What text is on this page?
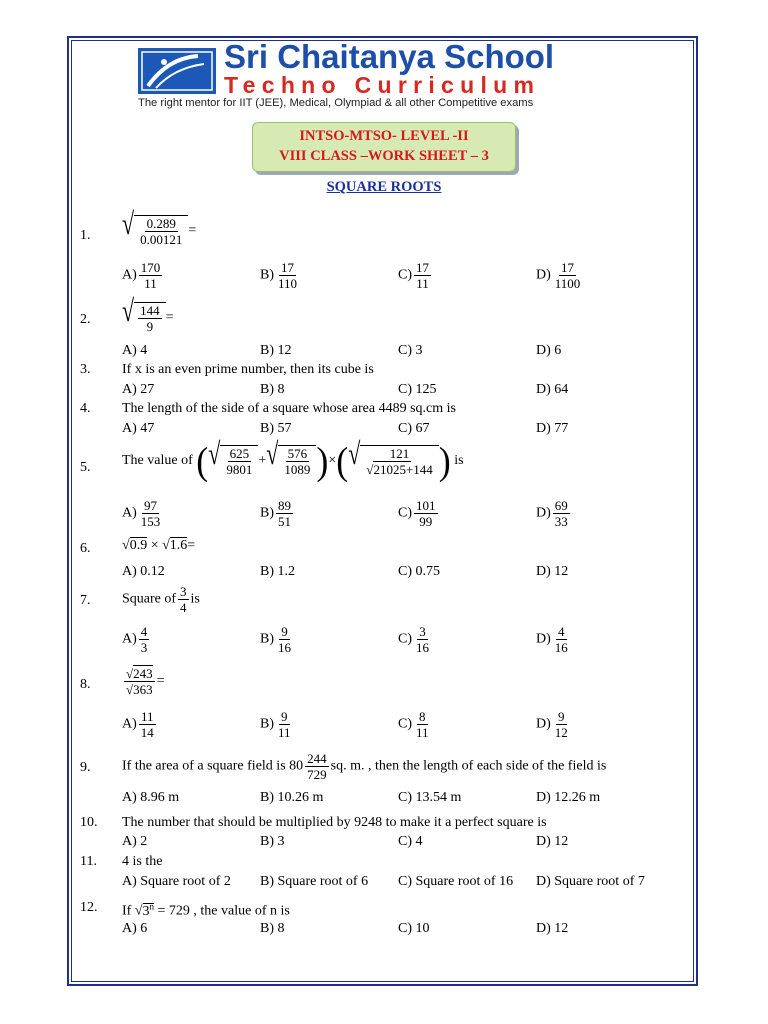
Sri Chaitanya School
Techno Curriculum
The right mentor for IIT (JEE), Medical, Olympiad & all other Competitive exams
INTSO-MTSO- LEVEL -II
VIII CLASS –WORK SHEET – 3
SQUARE ROOTS
1. √ $\frac{0.289}{0.00121}$ =
$A) \frac{170}{11}$	$B) \frac{17}{110}$	$C) \frac{17}{11}$	$D) \frac{17}{1100}$
2. √ $\frac{144}{9}$ =
A) 4	B) 12	C) 3	D) 6
3. If x is an even prime number, then its cube is
A) 27	B) 8	C) 125	D) 64
4. The length of the side of a square whose area 4489 sq.cm is
A) 47	B) 57	C) 67	D) 77
5. The value of ( √ $\frac{625}{9801}$ + √ $\frac{576}{1089}$ )×( √ $\frac{121}{√21025+144}$ ) is
$A) \frac{97}{153}$	$B) \frac{89}{51}$	$C) \frac{101}{99}$	$D) \frac{69}{33}$
6. √0.9 × √1.6=
A) 0.12	B) 1.2	C) 0.75	D) 12
7. Square of $\frac{3}{4}$ is
$A) \frac{4}{3}$	$B) \frac{9}{16}$	$C) \frac{3}{16}$	$D) \frac{4}{16}$
8.	$\frac{√243}{√363}$ =
$A) \frac{11}{14}$	$B) \frac{9}{11}$	$C) \frac{8}{11}$	$D) \frac{9}{12}$
9. If the area of a square field is $80 \frac{244}{729}$ sq. m. , then the length of each side of the field is
A) 8.96 m	B) 10.26 m	C) 13.54 m	D) 12.26 m
10. The number that should be multiplied by 9248 to make it a perfect square is
A) 2	B) 3	C) 4	D) 12
11. 4 is the
A) Square root of 2 B) Square root of 6 C) Square root of 16 D) Square root of 7
12. If $√3^n = 729$ , the value of n is
A) 6	B) 8	C) 10	D) 12
